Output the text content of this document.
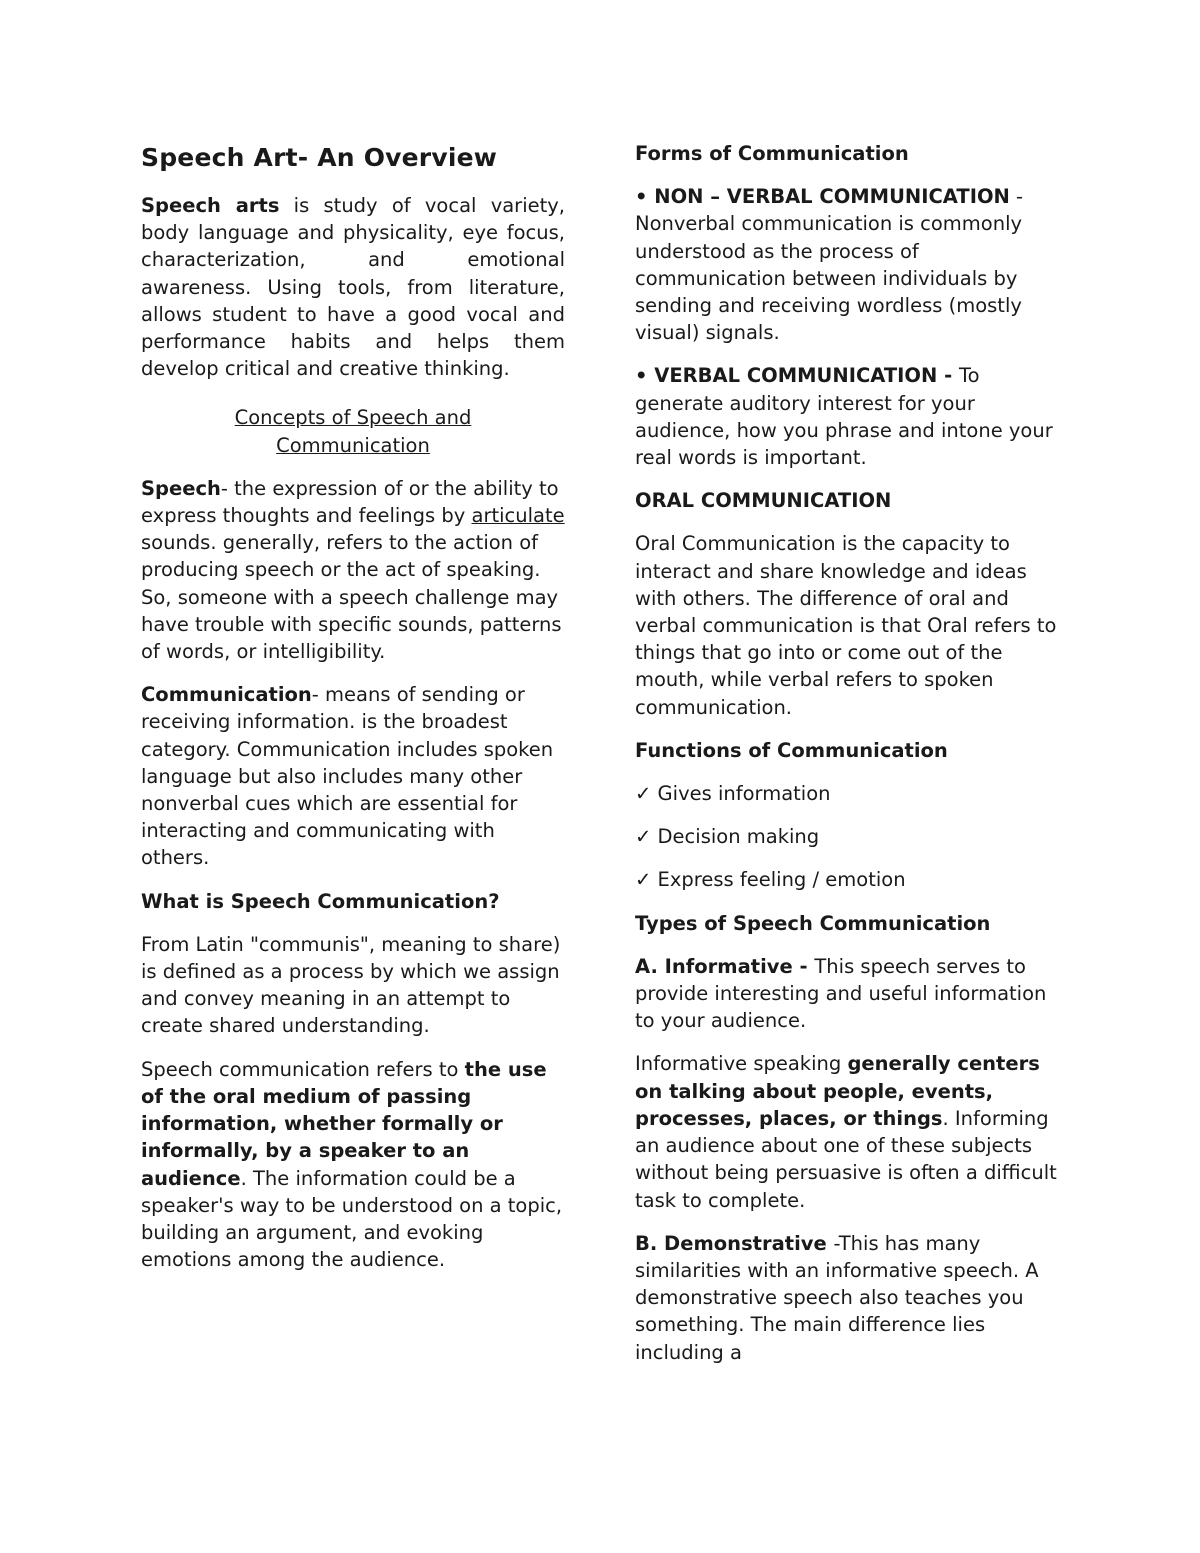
Speech Art- An Overview

Speech arts is study of vocal variety, body language and physicality, eye focus, characterization, and emotional awareness. Using tools, from literature, allows student to have a good vocal and performance habits and helps them develop critical and creative thinking.

Concepts of Speech and Communication

Speech- the expression of or the ability to express thoughts and feelings by articulate sounds. generally, refers to the action of producing speech or the act of speaking. So, someone with a speech challenge may have trouble with specific sounds, patterns of words, or intelligibility.

Communication- means of sending or receiving information. is the broadest category. Communication includes spoken language but also includes many other nonverbal cues which are essential for interacting and communicating with others.

What is Speech Communication?

From Latin "communis", meaning to share) is defined as a process by which we assign and convey meaning in an attempt to create shared understanding.

Speech communication refers to the use of the oral medium of passing information, whether formally or informally, by a speaker to an audience. The information could be a speaker's way to be understood on a topic, building an argument, and evoking emotions among the audience.

Forms of Communication

• NON – VERBAL COMMUNICATION - Nonverbal communication is commonly understood as the process of communication between individuals by sending and receiving wordless (mostly visual) signals.

• VERBAL COMMUNICATION - To generate auditory interest for your audience, how you phrase and intone your real words is important.

ORAL COMMUNICATION

Oral Communication is the capacity to interact and share knowledge and ideas with others. The difference of oral and verbal communication is that Oral refers to things that go into or come out of the mouth, while verbal refers to spoken communication.

Functions of Communication

✓ Gives information

✓ Decision making

✓ Express feeling / emotion

Types of Speech Communication

A. Informative - This speech serves to provide interesting and useful information to your audience.

Informative speaking generally centers on talking about people, events, processes, places, or things. Informing an audience about one of these subjects without being persuasive is often a difficult task to complete.

B. Demonstrative -This has many similarities with an informative speech. A demonstrative speech also teaches you something. The main difference lies including a
